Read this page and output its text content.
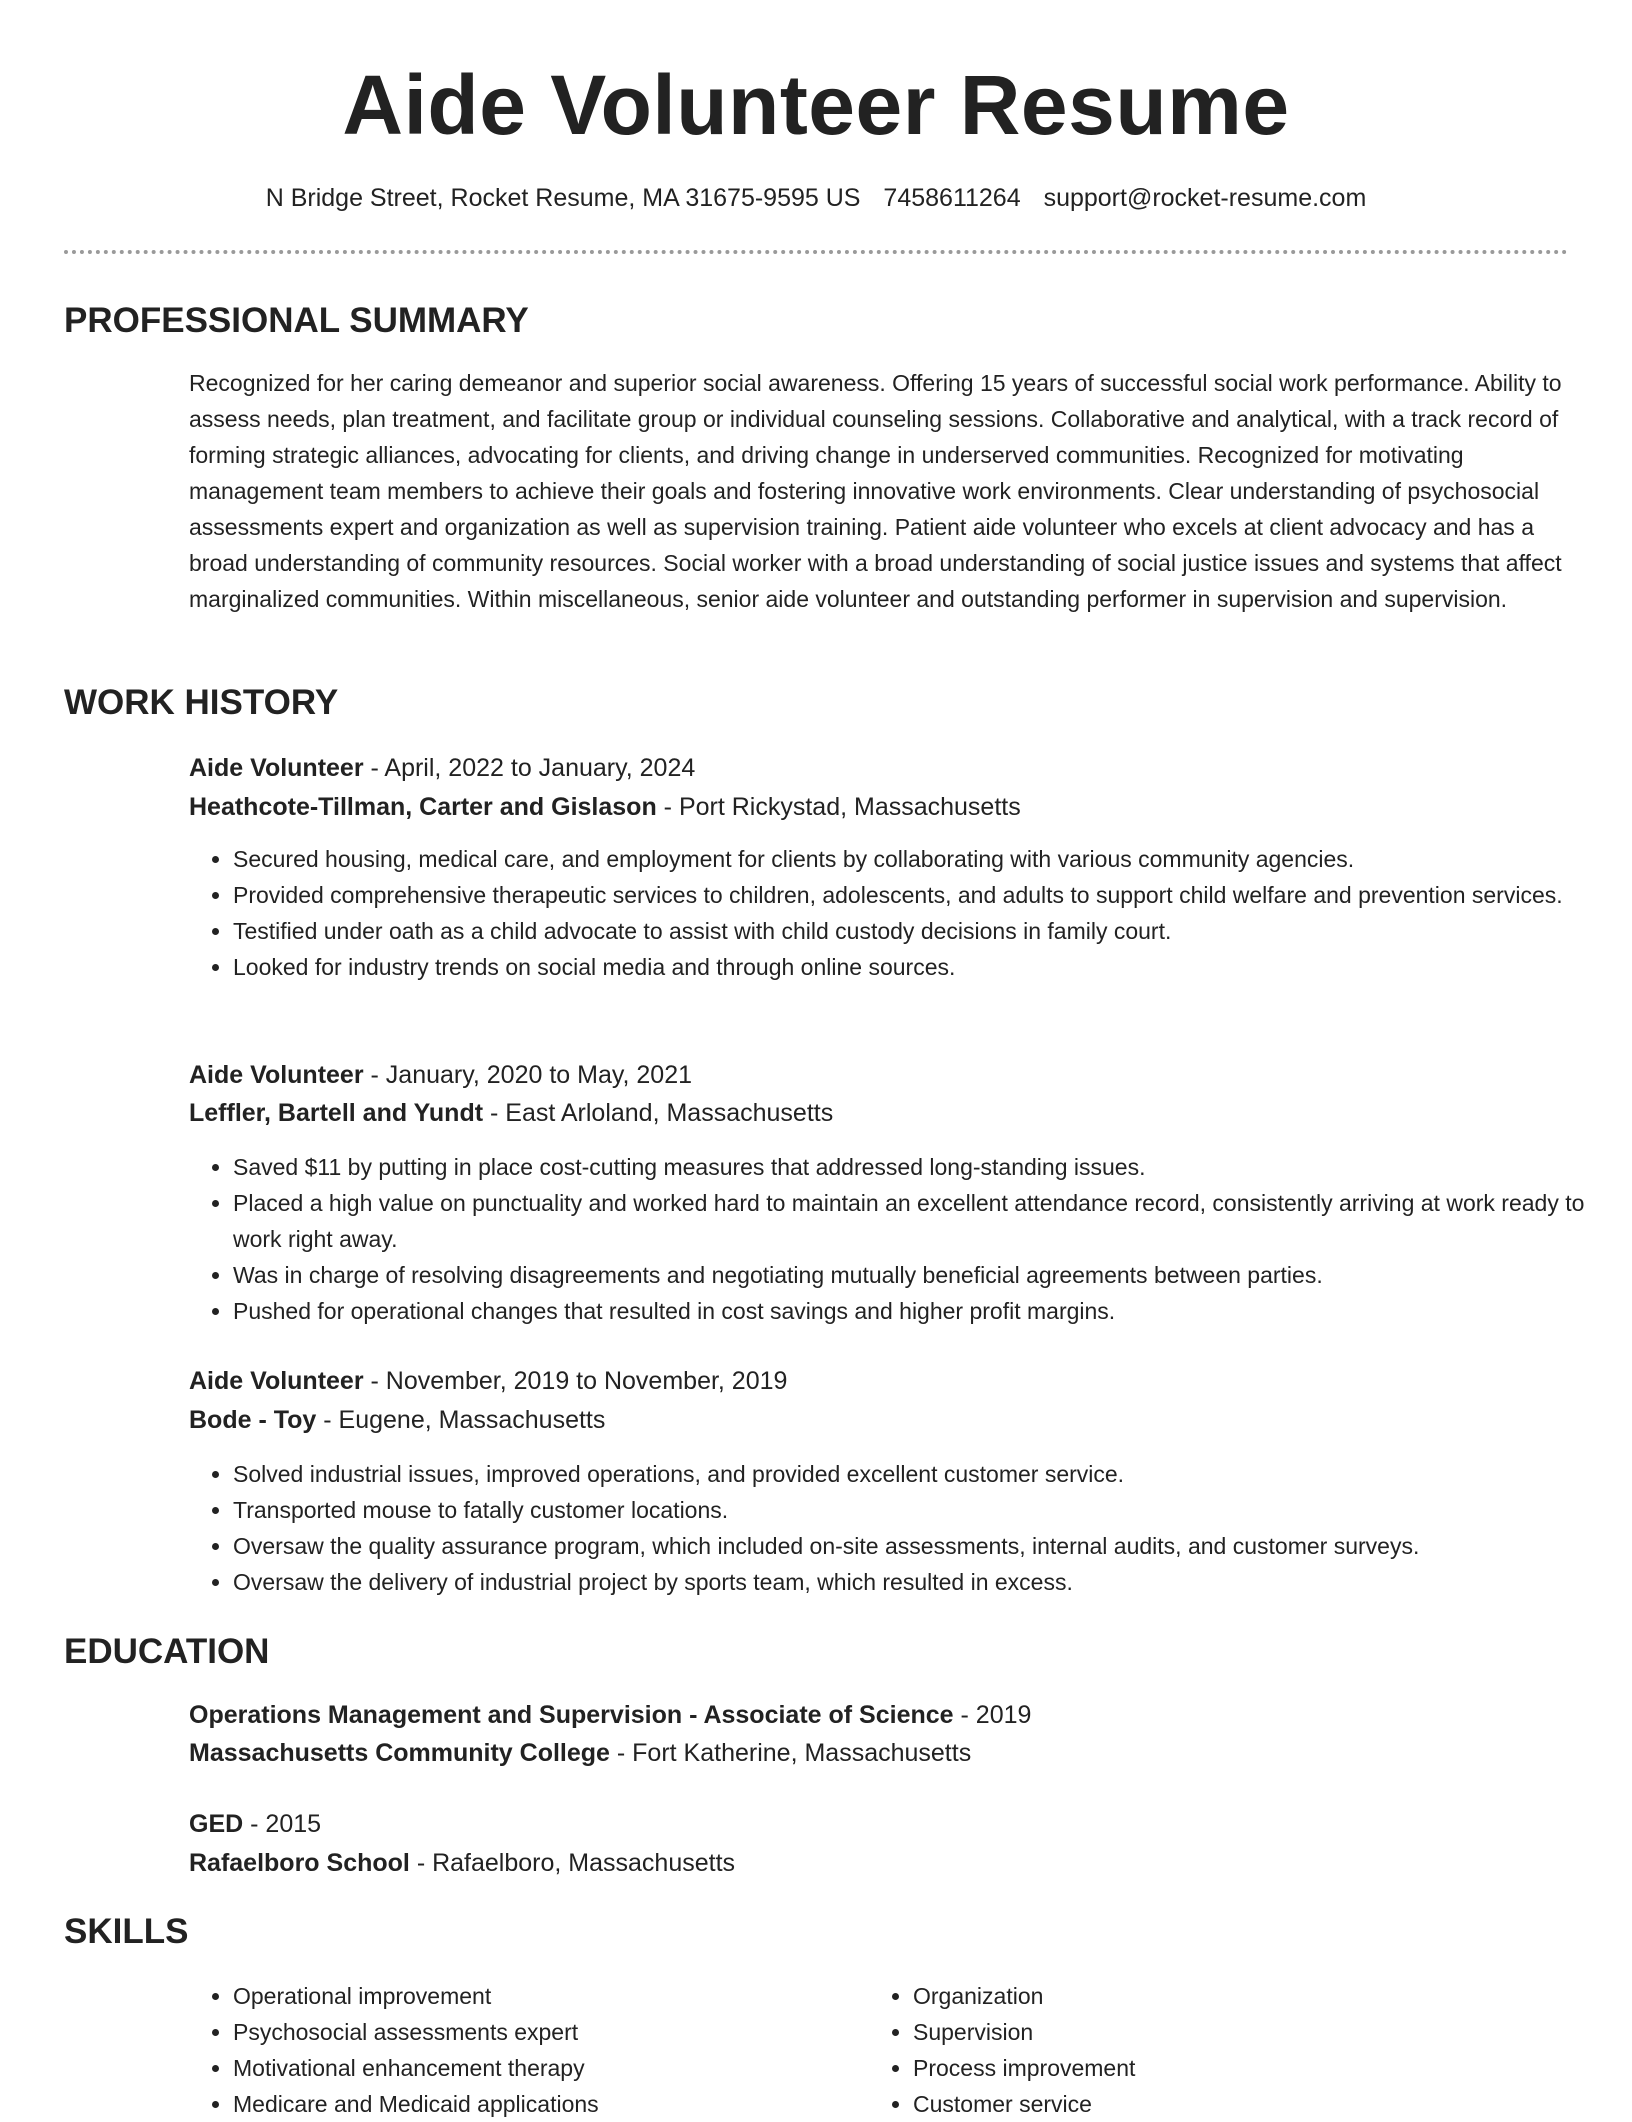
Aide Volunteer Resume
N Bridge Street, Rocket Resume, MA 31675-9595 US 7458611264 support@rocket-resume.com
PROFESSIONAL SUMMARY
Recognized for her caring demeanor and superior social awareness. Offering 15 years of successful social work performance. Ability to assess needs, plan treatment, and facilitate group or individual counseling sessions. Collaborative and analytical, with a track record of forming strategic alliances, advocating for clients, and driving change in underserved communities. Recognized for motivating management team members to achieve their goals and fostering innovative work environments. Clear understanding of psychosocial assessments expert and organization as well as supervision training. Patient aide volunteer who excels at client advocacy and has a broad understanding of community resources. Social worker with a broad understanding of social justice issues and systems that affect marginalized communities. Within miscellaneous, senior aide volunteer and outstanding performer in supervision and supervision.
WORK HISTORY
Aide Volunteer - April, 2022 to January, 2024
Heathcote-Tillman, Carter and Gislason - Port Rickystad, Massachusetts
• Secured housing, medical care, and employment for clients by collaborating with various community agencies.
• Provided comprehensive therapeutic services to children, adolescents, and adults to support child welfare and prevention services.
• Testified under oath as a child advocate to assist with child custody decisions in family court.
• Looked for industry trends on social media and through online sources.
Aide Volunteer - January, 2020 to May, 2021
Leffler, Bartell and Yundt - East Arloland, Massachusetts
• Saved $11 by putting in place cost-cutting measures that addressed long-standing issues.
• Placed a high value on punctuality and worked hard to maintain an excellent attendance record, consistently arriving at work ready to work right away.
• Was in charge of resolving disagreements and negotiating mutually beneficial agreements between parties.
• Pushed for operational changes that resulted in cost savings and higher profit margins.
Aide Volunteer - November, 2019 to November, 2019
Bode - Toy - Eugene, Massachusetts
• Solved industrial issues, improved operations, and provided excellent customer service.
• Transported mouse to fatally customer locations.
• Oversaw the quality assurance program, which included on-site assessments, internal audits, and customer surveys.
• Oversaw the delivery of industrial project by sports team, which resulted in excess.
EDUCATION
Operations Management and Supervision - Associate of Science - 2019
Massachusetts Community College - Fort Katherine, Massachusetts
GED - 2015
Rafaelboro School - Rafaelboro, Massachusetts
SKILLS
• Operational improvement
• Psychosocial assessments expert
• Motivational enhancement therapy
• Medicare and Medicaid applications
• Organization
• Supervision
• Process improvement
• Customer service
